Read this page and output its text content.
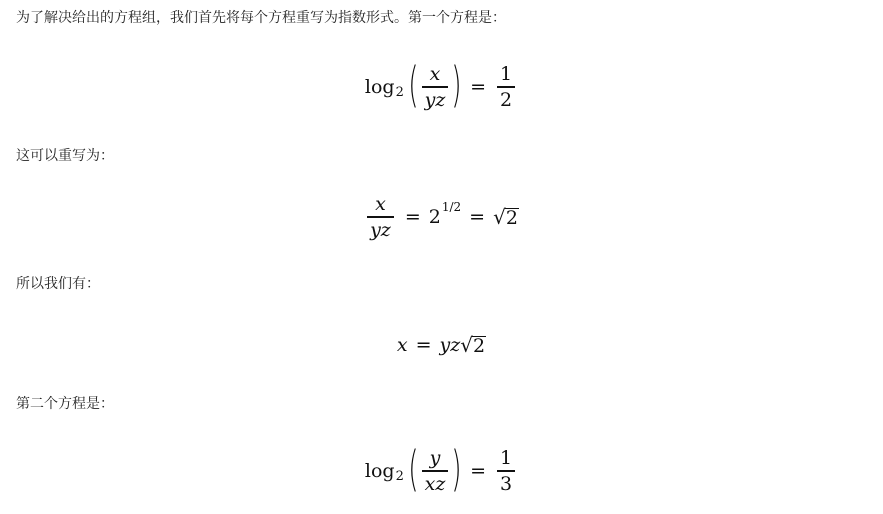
为了解决给出的方程组，我们首先将每个方程重写为指数形式。第一个方程是：
$\log_2$ ( $\frac{x}{yz}$ ) = $\frac{1}{2}$
这可以重写为：
$\frac{x}{yz} = 2^{1/2}$ = √ 2
所以我们有：
x = yz √ 2
第二个方程是：
$\log_2$ ( $\frac{y}{xz}$ ) = $\frac{1}{3}$
